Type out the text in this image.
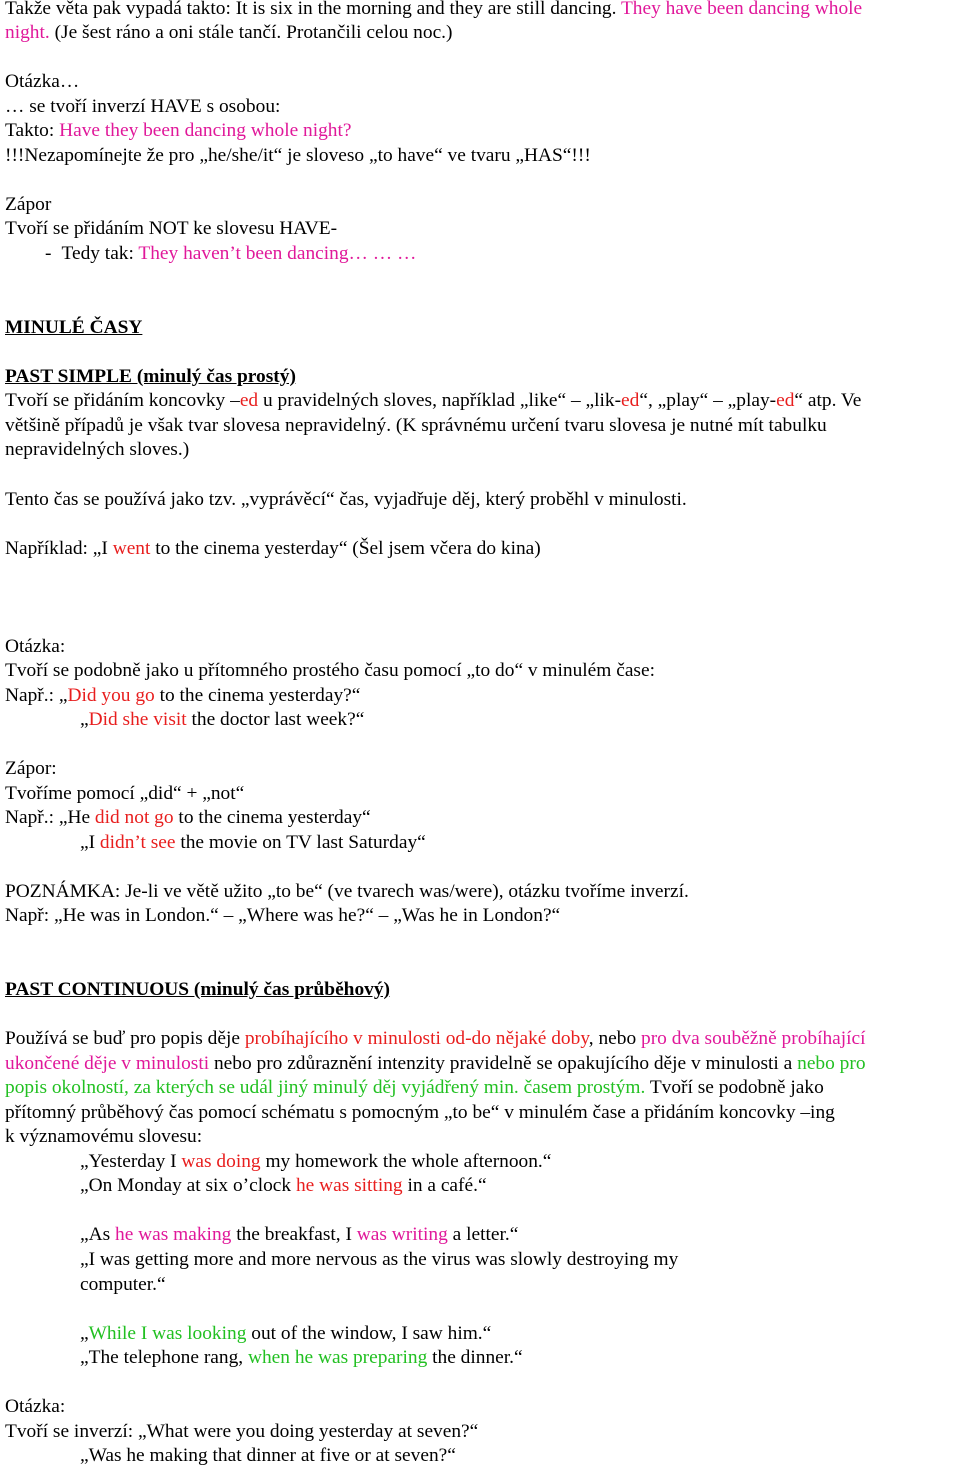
Takže věta pak vypadá takto: It is six in the morning and they are still dancing. They have been dancing whole
night. (Je šest ráno a oni stále tančí. Protančili celou noc.)
Otázka…
… se tvoří inverzí HAVE s osobou:
Takto: Have they been dancing whole night?
!!!Nezapomínejte že pro „he/she/it“ je sloveso „to have“ ve tvaru „HAS“!!!
Zápor
Tvoří se přidáním NOT ke slovesu HAVE-
- Tedy tak: They haven’t been dancing… … …
MINULÉ ČASY
PAST SIMPLE (minulý čas prostý)
Tvoří se přidáním koncovky –ed u pravidelných sloves, například „like“ – „lik-ed“, „play“ – „play-ed“ atp. Ve
většině případů je však tvar slovesa nepravidelný. (K správnému určení tvaru slovesa je nutné mít tabulku
nepravidelných sloves.)
Tento čas se používá jako tzv. „vyprávěcí“ čas, vyjadřuje děj, který proběhl v minulosti.
Například: „I went to the cinema yesterday“ (Šel jsem včera do kina)
Otázka:
Tvoří se podobně jako u přítomného prostého času pomocí „to do“ v minulém čase:
Např.: „Did you go to the cinema yesterday?“
„Did she visit the doctor last week?“
Zápor:
Tvoříme pomocí „did“ + „not“
Např.: „He did not go to the cinema yesterday“
„I didn’t see the movie on TV last Saturday“
POZNÁMKA: Je-li ve větě užito „to be“ (ve tvarech was/were), otázku tvoříme inverzí.
Např: „He was in London.“ – „Where was he?“ – „Was he in London?“
PAST CONTINUOUS (minulý čas průběhový)
Používá se buď pro popis děje probíhajícího v minulosti od-do nějaké doby, nebo pro dva souběžně probíhající
ukončené děje v minulosti nebo pro zdůraznění intenzity pravidelně se opakujícího děje v minulosti a nebo pro
popis okolností, za kterých se udál jiný minulý děj vyjádřený min. časem prostým. Tvoří se podobně jako
přítomný průběhový čas pomocí schématu s pomocným „to be“ v minulém čase a přidáním koncovky –ing
k významovému slovesu:
„Yesterday I was doing my homework the whole afternoon.“
„On Monday at six o’clock he was sitting in a café.“
„As he was making the breakfast, I was writing a letter.“
„I was getting more and more nervous as the virus was slowly destroying my
computer.“
„While I was looking out of the window, I saw him.“
„The telephone rang, when he was preparing the dinner.“
Otázka:
Tvoří se inverzí: „What were you doing yesterday at seven?“
„Was he making that dinner at five or at seven?“
